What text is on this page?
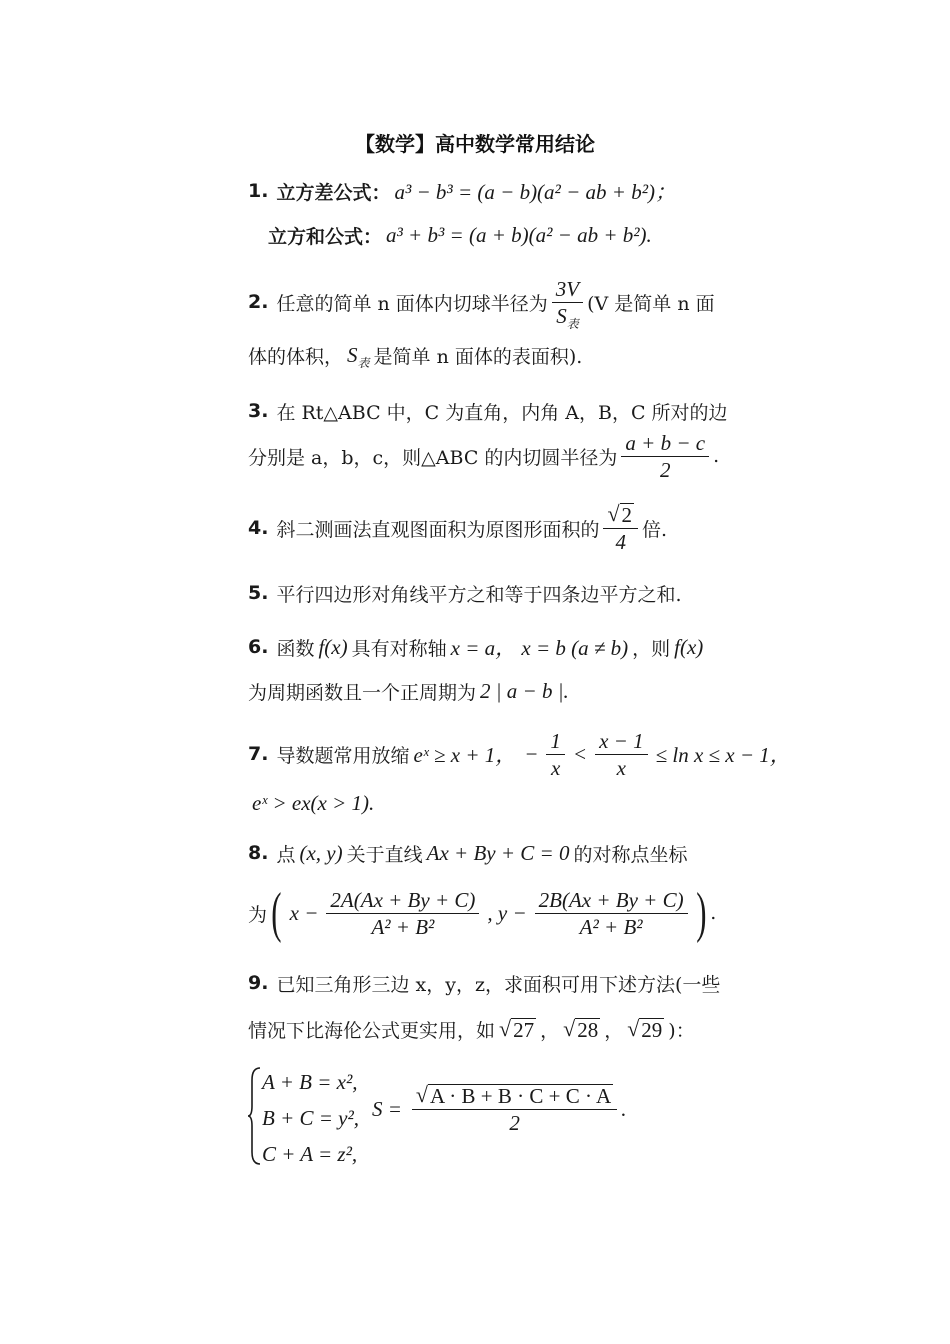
【数学】高中数学常用结论
1. 立方差公式： a³ − b³ = (a − b)(a² − ab + b²)；
立方和公式： a³ + b³ = (a + b)(a² − ab + b²).
2. 任意的简单 n 面体内切球半径为 $\frac{3V}{S_表} (V$ 是简单 n 面
体的体积， $S_表$ 是简单 n 面体的表面积).
3. 在 Rt△ABC 中，C 为直角，内角 A，B，C 所对的边
分别是 a，b，c，则△ABC 的内切圆半径为 $\frac{a + b - c}{2}$ .
4. 斜二测画法直观图面积为原图形面积的 $\frac{√ 2}{4}$ 倍.
5. 平行四边形对角线平方之和等于四条边平方之和.
6. 函数 f(x) 具有对称轴 x = a， x = b (a ≠ b) ，则 f(x)
为周期函数且一个正周期为 2 | a − b |.
7. 导数题常用放缩 eˣ ≥ x + 1， − $\frac{1}{x} < \frac{x - 1}{x} \le \ln x \le x - 1$，
eˣ > ex(x > 1).
8. 点 (x, y) 关于直线 Ax + By + C = 0 的对称点坐标
为 ( $x - \frac{2A(Ax + By + C)}{\text{A² + B²}}$ , $y - \frac{2B(Ax + By + C)}{\text{A² + B²}}$ ) .
9. 已知三角形三边 x，y，z，求面积可用下述方法(一些
情况下比海伦公式更实用，如 √ 27 ， √ 28 ， √ 29 )：
A + B = x²,
B + C = y²,
C + A = z²,
$S = \frac{√ A \cdot B + B \cdot C + C \cdot A}{2}$ .
